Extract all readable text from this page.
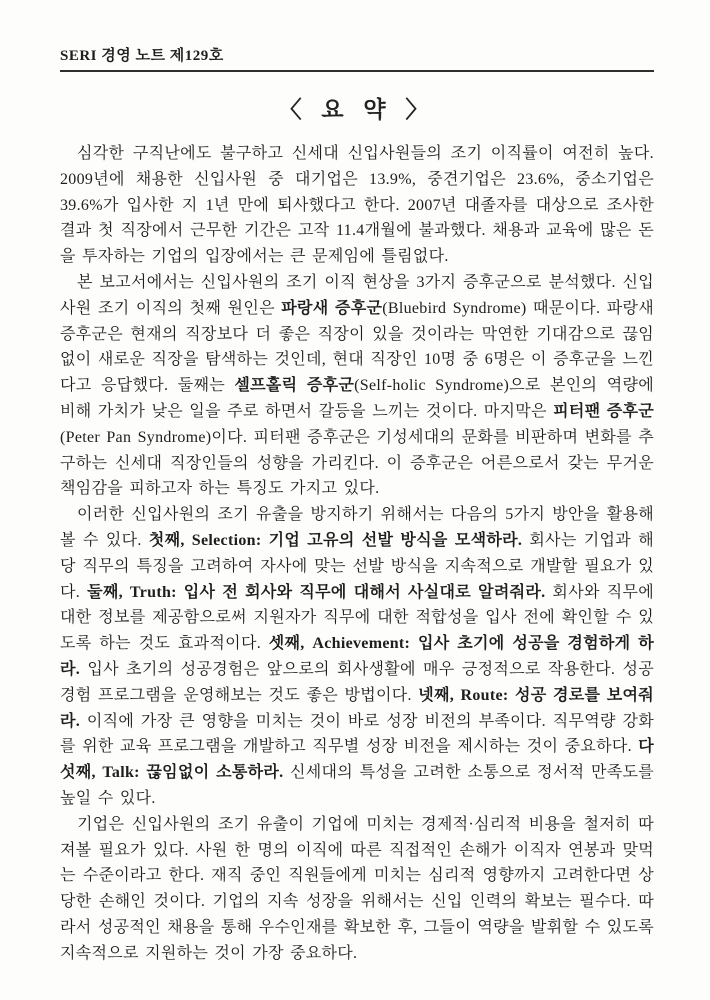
SERI 경영 노트 제129호
〈 요 약 〉

심각한 구직난에도 불구하고 신세대 신입사원들의 조기 이직률이 여전히 높다. 2009년에 채용한 신입사원 중 대기업은 13.9%, 중견기업은 23.6%, 중소기업은 39.6%가 입사한 지 1년 만에 퇴사했다고 한다. 2007년 대졸자를 대상으로 조사한 결과 첫 직장에서 근무한 기간은 고작 11.4개월에 불과했다. 채용과 교육에 많은 돈을 투자하는 기업의 입장에서는 큰 문제임에 틀림없다.

본 보고서에서는 신입사원의 조기 이직 현상을 3가지 증후군으로 분석했다. 신입사원 조기 이직의 첫째 원인은 파랑새 증후군(Bluebird Syndrome) 때문이다. 파랑새 증후군은 현재의 직장보다 더 좋은 직장이 있을 것이라는 막연한 기대감으로 끊임없이 새로운 직장을 탐색하는 것인데, 현대 직장인 10명 중 6명은 이 증후군을 느낀다고 응답했다. 둘째는 셀프홀릭 증후군(Self-holic Syndrome)으로 본인의 역량에 비해 가치가 낮은 일을 주로 하면서 갈등을 느끼는 것이다. 마지막은 피터팬 증후군(Peter Pan Syndrome)이다. 피터팬 증후군은 기성세대의 문화를 비판하며 변화를 추구하는 신세대 직장인들의 성향을 가리킨다. 이 증후군은 어른으로서 갖는 무거운 책임감을 피하고자 하는 특징도 가지고 있다.

이러한 신입사원의 조기 유출을 방지하기 위해서는 다음의 5가지 방안을 활용해볼 수 있다. 첫째, Selection: 기업 고유의 선발 방식을 모색하라. 회사는 기업과 해당 직무의 특징을 고려하여 자사에 맞는 선발 방식을 지속적으로 개발할 필요가 있다. 둘째, Truth: 입사 전 회사와 직무에 대해서 사실대로 알려줘라. 회사와 직무에 대한 정보를 제공함으로써 지원자가 직무에 대한 적합성을 입사 전에 확인할 수 있도록 하는 것도 효과적이다. 셋째, Achievement: 입사 초기에 성공을 경험하게 하라. 입사 초기의 성공경험은 앞으로의 회사생활에 매우 긍정적으로 작용한다. 성공 경험 프로그램을 운영해보는 것도 좋은 방법이다. 넷째, Route: 성공 경로를 보여줘라. 이직에 가장 큰 영향을 미치는 것이 바로 성장 비전의 부족이다. 직무역량 강화를 위한 교육 프로그램을 개발하고 직무별 성장 비전을 제시하는 것이 중요하다. 다섯째, Talk: 끊임없이 소통하라. 신세대의 특성을 고려한 소통으로 정서적 만족도를 높일 수 있다.

기업은 신입사원의 조기 유출이 기업에 미치는 경제적·심리적 비용을 철저히 따져볼 필요가 있다. 사원 한 명의 이직에 따른 직접적인 손해가 이직자 연봉과 맞먹는 수준이라고 한다. 재직 중인 직원들에게 미치는 심리적 영향까지 고려한다면 상당한 손해인 것이다. 기업의 지속 성장을 위해서는 신입 인력의 확보는 필수다. 따라서 성공적인 채용을 통해 우수인재를 확보한 후, 그들이 역량을 발휘할 수 있도록 지속적으로 지원하는 것이 가장 중요하다.
